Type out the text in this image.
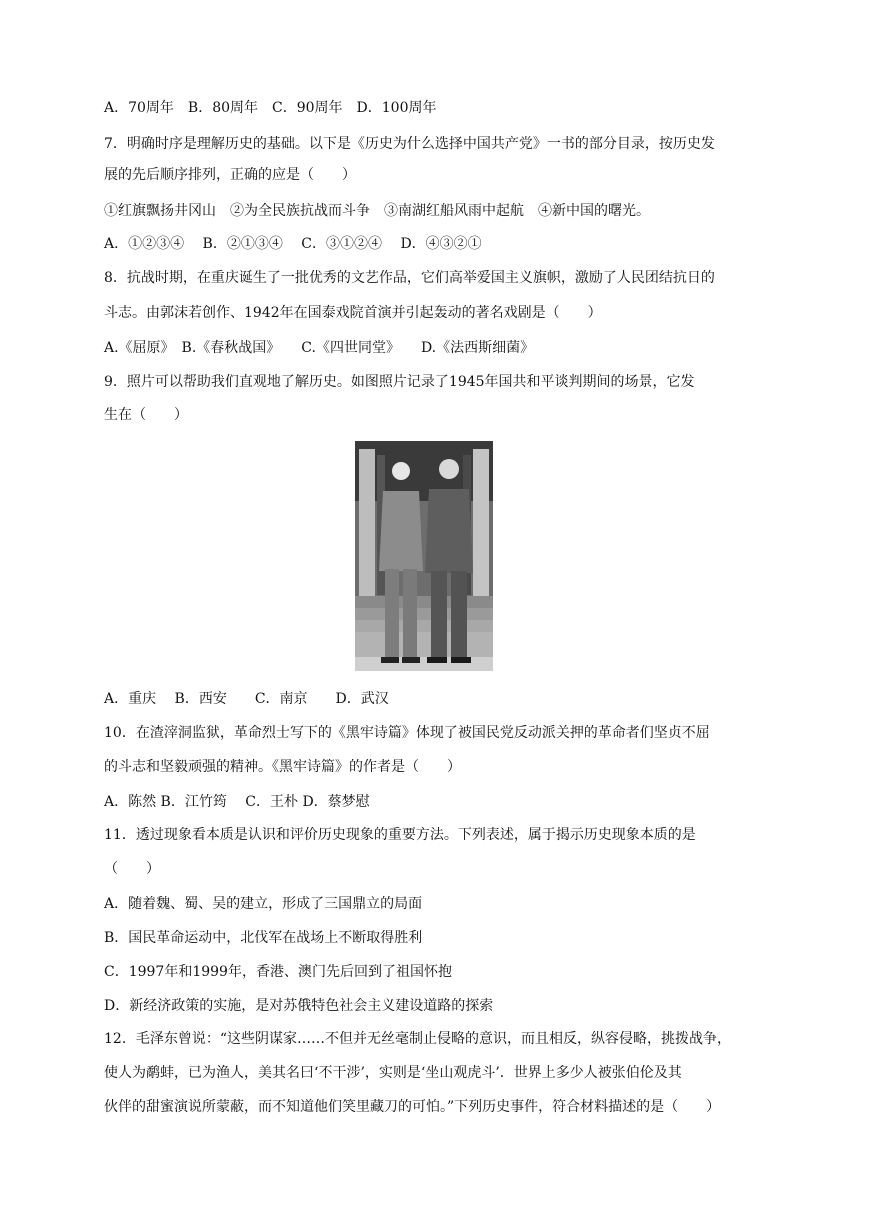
A．70周年　B．80周年　C．90周年　D．100周年
7．明确时序是理解历史的基础。以下是《历史为什么选择中国共产党》一书的部分目录，按历史发
展的先后顺序排列，正确的应是（　　）
①红旗飘扬井冈山　②为全民族抗战而斗争　③南湖红船风雨中起航　④新中国的曙光。
A．①②③④　 B．②①③④　 C．③①②④　 D．④③②①
8．抗战时期，在重庆诞生了一批优秀的文艺作品，它们高举爱国主义旗帜，激励了人民团结抗日的
斗志。由郭沫若创作、1942年在国泰戏院首演并引起轰动的著名戏剧是（　　）
A.《屈原》　B.《春秋战国》　　C.《四世同堂》　　D.《法西斯细菌》
9．照片可以帮助我们直观地了解历史。如图照片记录了1945年国共和平谈判期间的场景，它发
生在（　　）
A．重庆　 B．西安　　C．南京　　D．武汉
10．在渣滓洞监狱，革命烈士写下的《黑牢诗篇》体现了被国民党反动派关押的革命者们坚贞不屈
的斗志和坚毅顽强的精神。《黑牢诗篇》的作者是（　　）
A．陈然 B．江竹筠　 C．王朴 D．蔡梦慰
11．透过现象看本质是认识和评价历史现象的重要方法。下列表述，属于揭示历史现象本质的是
（　　）
A．随着魏、蜀、吴的建立，形成了三国鼎立的局面
B．国民革命运动中，北伐军在战场上不断取得胜利
C．1997年和1999年，香港、澳门先后回到了祖国怀抱
D．新经济政策的实施，是对苏俄特色社会主义建设道路的探索
12．毛泽东曾说：“这些阴谋家……不但并无丝毫制止侵略的意识，而且相反，纵容侵略，挑拨战争，
使人为鹬蚌，已为渔人，美其名曰‘不干涉’，实则是‘坐山观虎斗’．世界上多少人被张伯伦及其
伙伴的甜蜜演说所蒙蔽，而不知道他们笑里藏刀的可怕。”下列历史事件，符合材料描述的是（　　）
